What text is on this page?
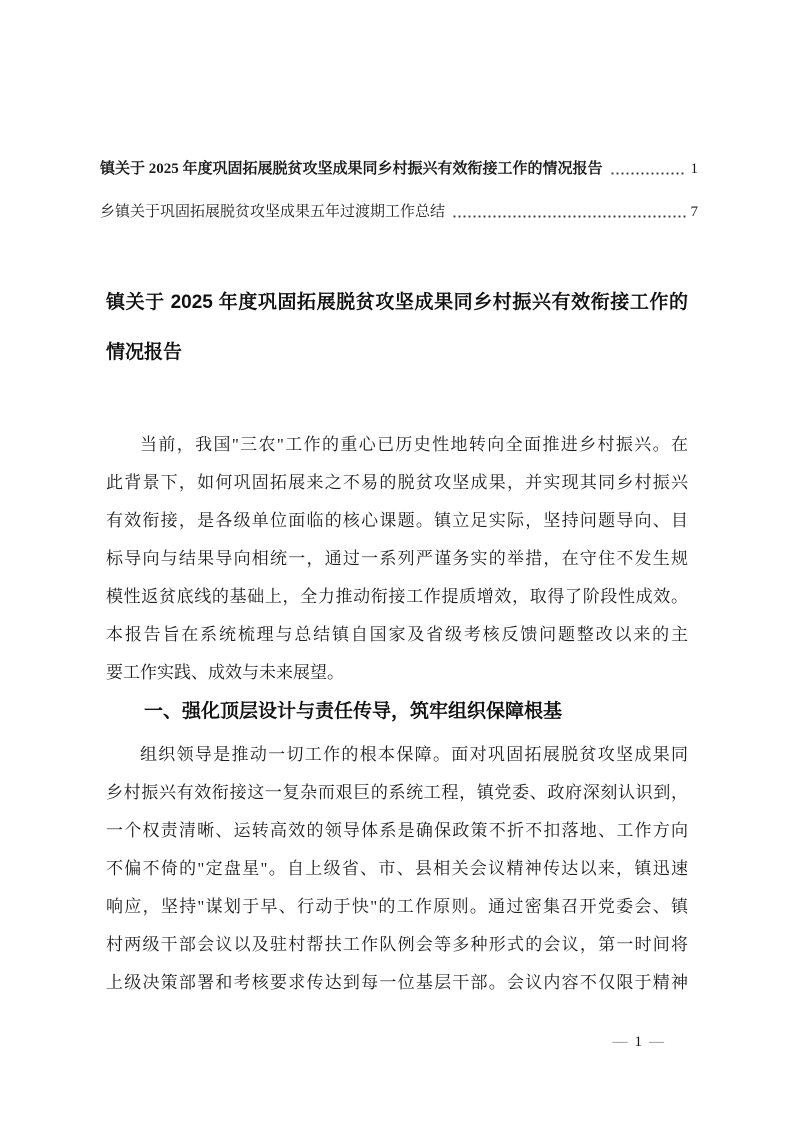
镇关于 2025 年度巩固拓展脱贫攻坚成果同乡村振兴有效衔接工作的情况报告	1
乡镇关于巩固拓展脱贫攻坚成果五年过渡期工作总结	7
镇关于 2025 年度巩固拓展脱贫攻坚成果同乡村振兴有效衔接工作的
情况报告
当前，我国"三农"工作的重心已历史性地转向全面推进乡村振兴。在
此背景下，如何巩固拓展来之不易的脱贫攻坚成果，并实现其同乡村振兴
有效衔接，是各级单位面临的核心课题。镇立足实际，坚持问题导向、目
标导向与结果导向相统一，通过一系列严谨务实的举措，在守住不发生规
模性返贫底线的基础上，全力推动衔接工作提质增效，取得了阶段性成效。
本报告旨在系统梳理与总结镇自国家及省级考核反馈问题整改以来的主
要工作实践、成效与未来展望。
一、强化顶层设计与责任传导，筑牢组织保障根基
组织领导是推动一切工作的根本保障。面对巩固拓展脱贫攻坚成果同
乡村振兴有效衔接这一复杂而艰巨的系统工程，镇党委、政府深刻认识到，
一个权责清晰、运转高效的领导体系是确保政策不折不扣落地、工作方向
不偏不倚的"定盘星"。自上级省、市、县相关会议精神传达以来，镇迅速
响应，坚持"谋划于早、行动于快"的工作原则。通过密集召开党委会、镇
村两级干部会议以及驻村帮扶工作队例会等多种形式的会议，第一时间将
上级决策部署和考核要求传达到每一位基层干部。会议内容不仅限于精神
— 1 —
